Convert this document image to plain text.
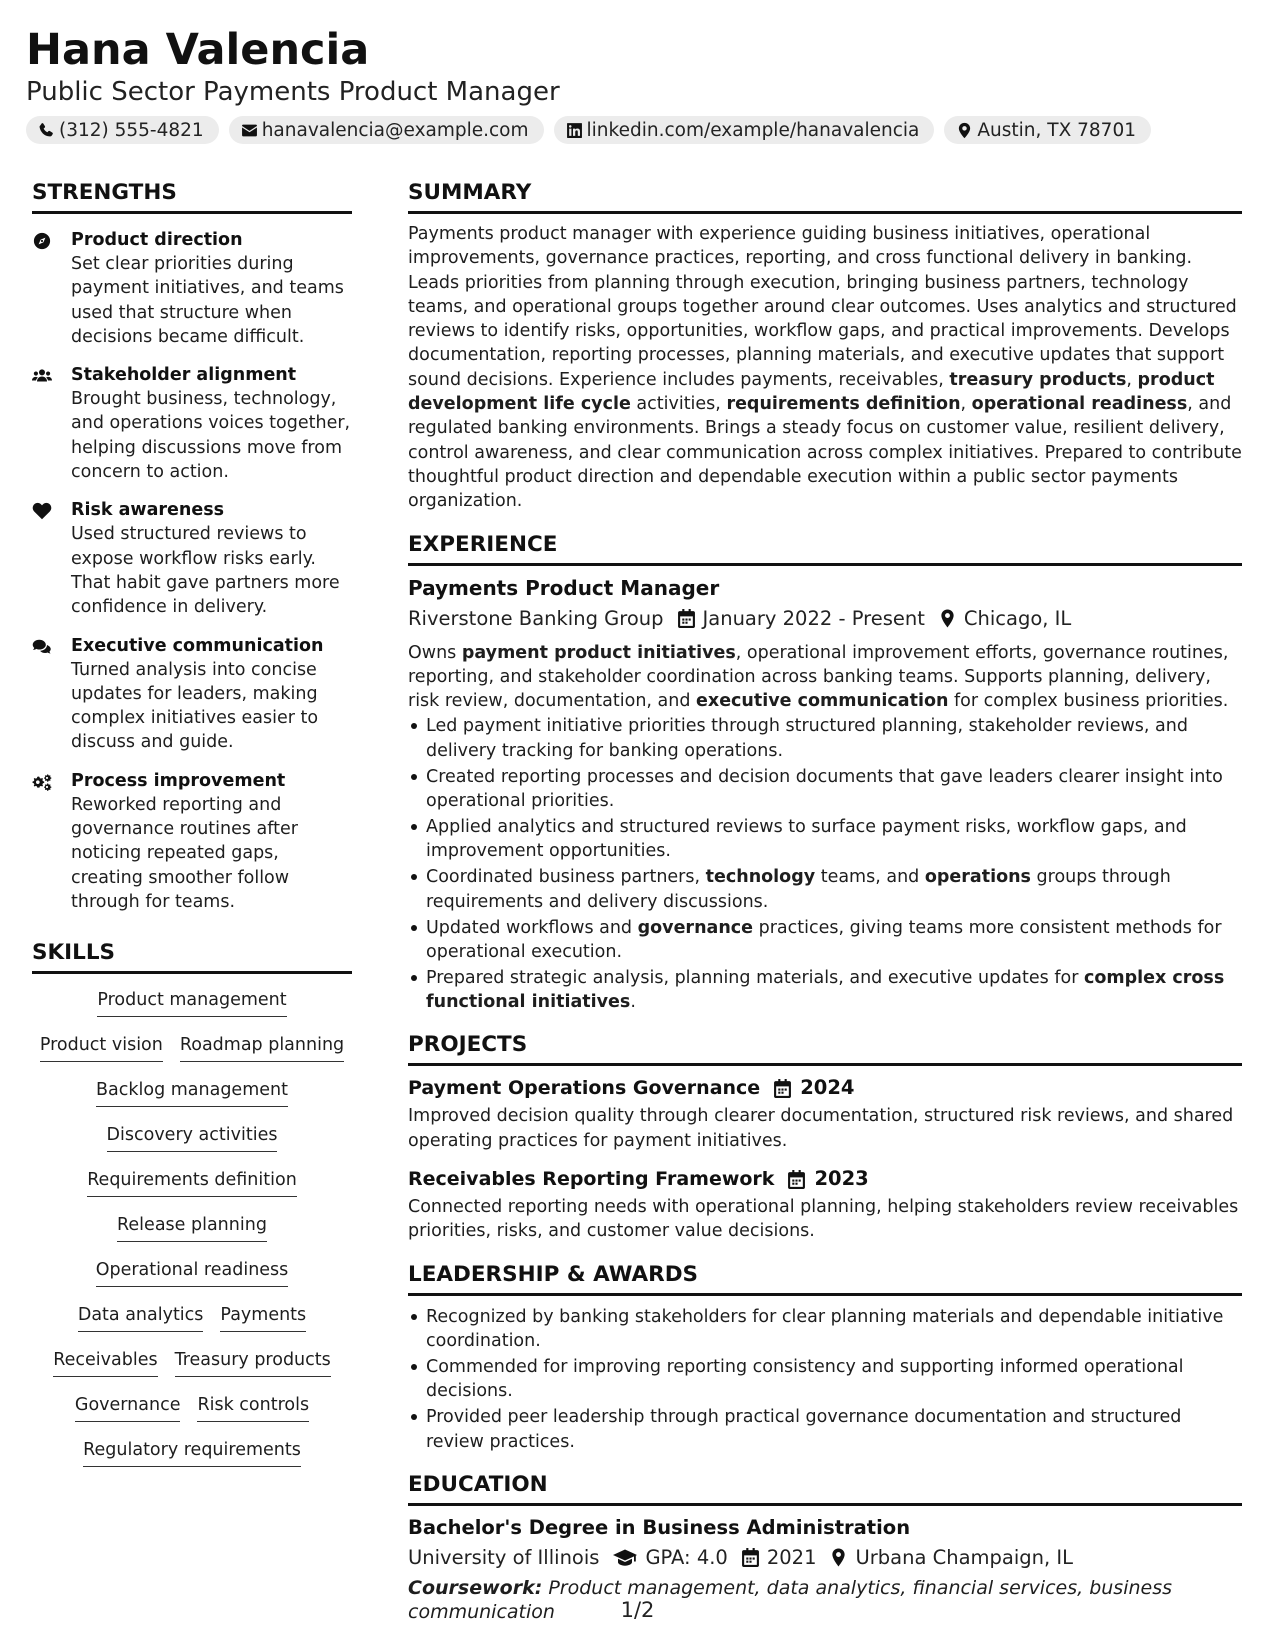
Hana Valencia
Public Sector Payments Product Manager
(312) 555-4821	hanavalencia@example.com	linkedin.com/example/hanavalencia	Austin, TX 78701
STRENGTHS
Product direction
Set clear priorities during payment initiatives, and teams used that structure when decisions became difficult.
Stakeholder alignment
Brought business, technology, and operations voices together, helping discussions move from concern to action.
Risk awareness
Used structured reviews to expose workflow risks early. That habit gave partners more confidence in delivery.
Executive communication
Turned analysis into concise updates for leaders, making complex initiatives easier to discuss and guide.
Process improvement
Reworked reporting and governance routines after noticing repeated gaps, creating smoother follow through for teams.
SKILLS
Product management
Product vision Roadmap planning
Backlog management
Discovery activities
Requirements definition
Release planning
Operational readiness
Data analytics Payments
Receivables Treasury products
Governance Risk controls
Regulatory requirements
SUMMARY
Payments product manager with experience guiding business initiatives, operational improvements, governance practices, reporting, and cross functional delivery in banking. Leads priorities from planning through execution, bringing business partners, technology teams, and operational groups together around clear outcomes. Uses analytics and structured reviews to identify risks, opportunities, workflow gaps, and practical improvements. Develops documentation, reporting processes, planning materials, and executive updates that support sound decisions. Experience includes payments, receivables, treasury products, product development life cycle activities, requirements definition, operational readiness, and regulated banking environments. Brings a steady focus on customer value, resilient delivery, control awareness, and clear communication across complex initiatives. Prepared to contribute thoughtful product direction and dependable execution within a public sector payments organization.
EXPERIENCE
Payments Product Manager
Riverstone Banking Group January 2022 - Present Chicago, IL
Owns payment product initiatives, operational improvement efforts, governance routines, reporting, and stakeholder coordination across banking teams. Supports planning, delivery, risk review, documentation, and executive communication for complex business priorities.
Led payment initiative priorities through structured planning, stakeholder reviews, and delivery tracking for banking operations.
Created reporting processes and decision documents that gave leaders clearer insight into operational priorities.
Applied analytics and structured reviews to surface payment risks, workflow gaps, and improvement opportunities.
Coordinated business partners, technology teams, and operations groups through requirements and delivery discussions.
Updated workflows and governance practices, giving teams more consistent methods for operational execution.
Prepared strategic analysis, planning materials, and executive updates for complex cross functional initiatives.
PROJECTS
Payment Operations Governance 2024
Improved decision quality through clearer documentation, structured risk reviews, and shared operating practices for payment initiatives.
Receivables Reporting Framework 2023
Connected reporting needs with operational planning, helping stakeholders review receivables priorities, risks, and customer value decisions.
LEADERSHIP & AWARDS
Recognized by banking stakeholders for clear planning materials and dependable initiative coordination.
Commended for improving reporting consistency and supporting informed operational decisions.
Provided peer leadership through practical governance documentation and structured review practices.
EDUCATION
Bachelor's Degree in Business Administration
University of Illinois GPA: 4.0 2021 Urbana Champaign, IL
Coursework: Product management, data analytics, financial services, business communication	1/2
